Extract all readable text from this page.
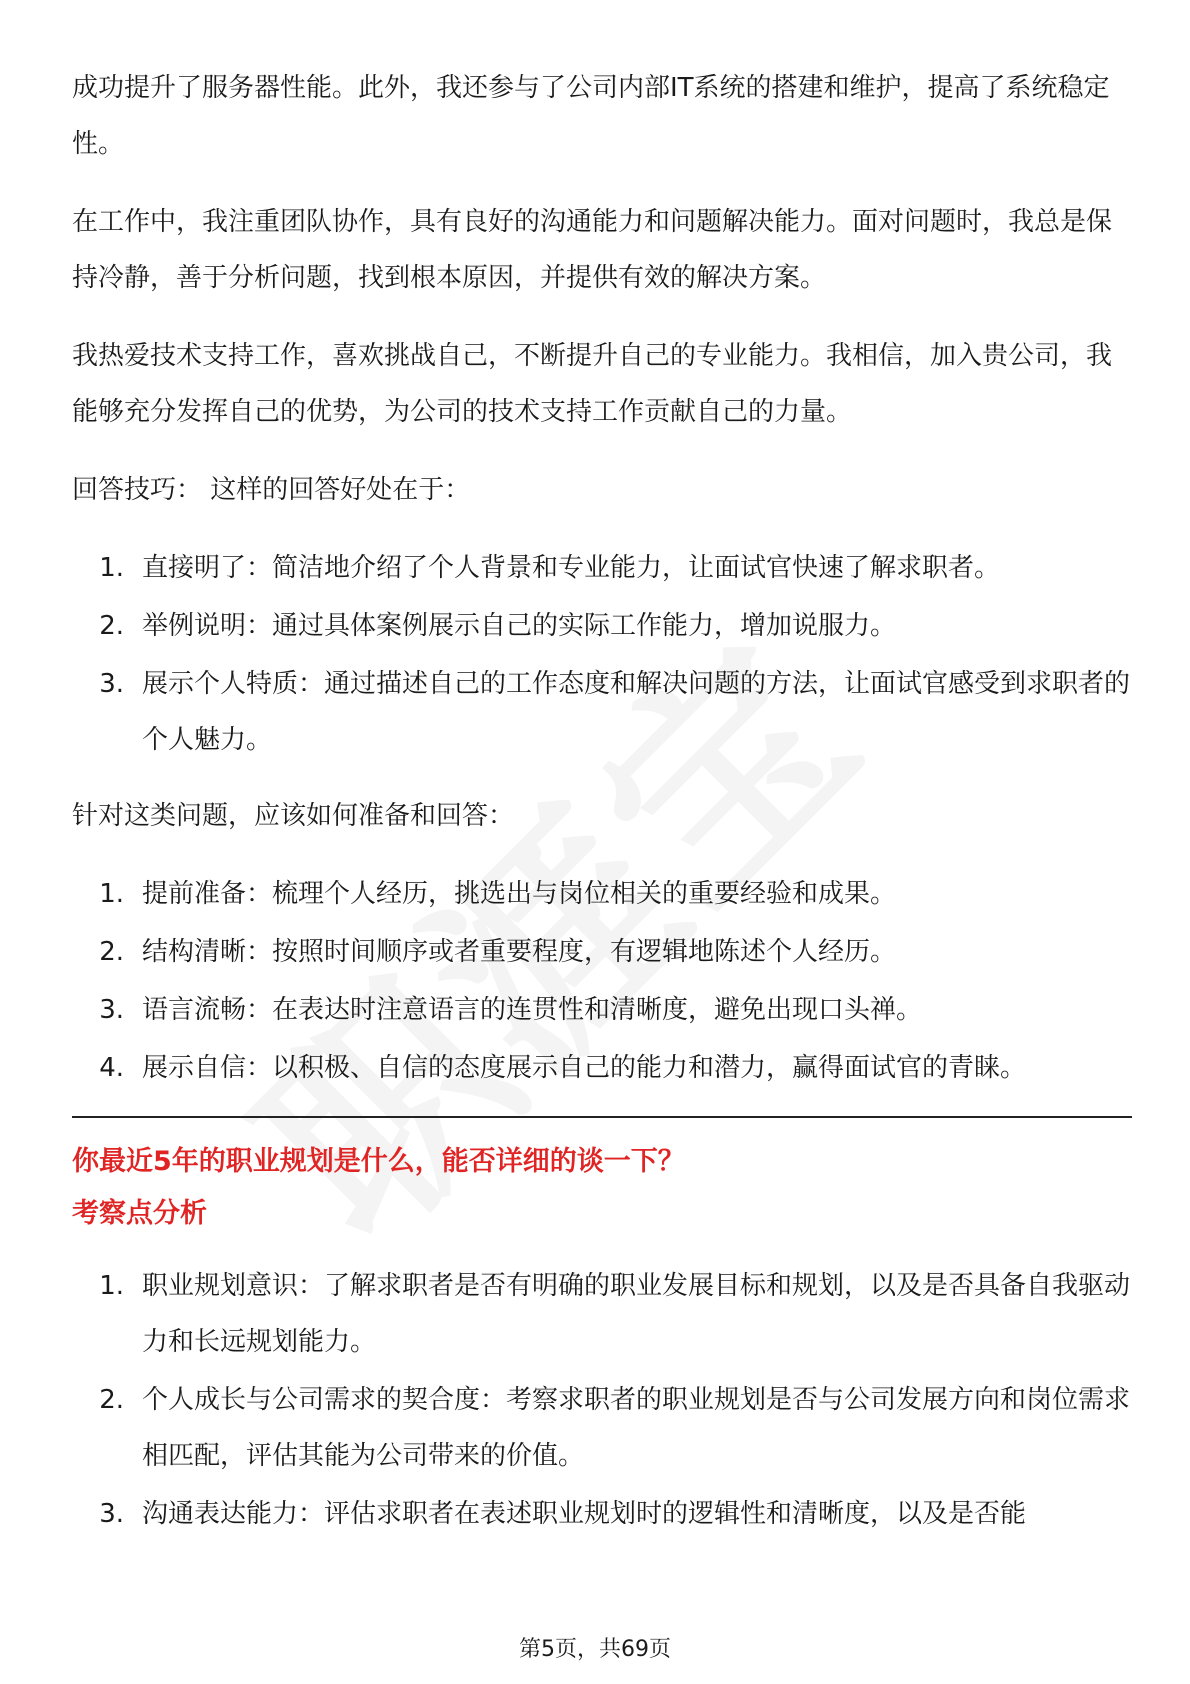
成功提升了服务器性能。此外，我还参与了公司内部IT系统的搭建和维护，提高了系统稳定性。

在工作中，我注重团队协作，具有良好的沟通能力和问题解决能力。面对问题时，我总是保持冷静，善于分析问题，找到根本原因，并提供有效的解决方案。

我热爱技术支持工作，喜欢挑战自己，不断提升自己的专业能力。我相信，加入贵公司，我能够充分发挥自己的优势，为公司的技术支持工作贡献自己的力量。

回答技巧： 这样的回答好处在于：

1. 直接明了：简洁地介绍了个人背景和专业能力，让面试官快速了解求职者。
2. 举例说明：通过具体案例展示自己的实际工作能力，增加说服力。
3. 展示个人特质：通过描述自己的工作态度和解决问题的方法，让面试官感受到求职者的个人魅力。

针对这类问题，应该如何准备和回答：

1. 提前准备：梳理个人经历，挑选出与岗位相关的重要经验和成果。
2. 结构清晰：按照时间顺序或者重要程度，有逻辑地陈述个人经历。
3. 语言流畅：在表达时注意语言的连贯性和清晰度，避免出现口头禅。
4. 展示自信：以积极、自信的态度展示自己的能力和潜力，赢得面试官的青睐。
你最近5年的职业规划是什么，能否详细的谈一下？
考察点分析
1. 职业规划意识：了解求职者是否有明确的职业发展目标和规划，以及是否具备自我驱动力和长远规划能力。
2. 个人成长与公司需求的契合度：考察求职者的职业规划是否与公司发展方向和岗位需求相匹配，评估其能为公司带来的价值。
3. 沟通表达能力：评估求职者在表述职业规划时的逻辑性和清晰度，以及是否能
第5页，共69页
